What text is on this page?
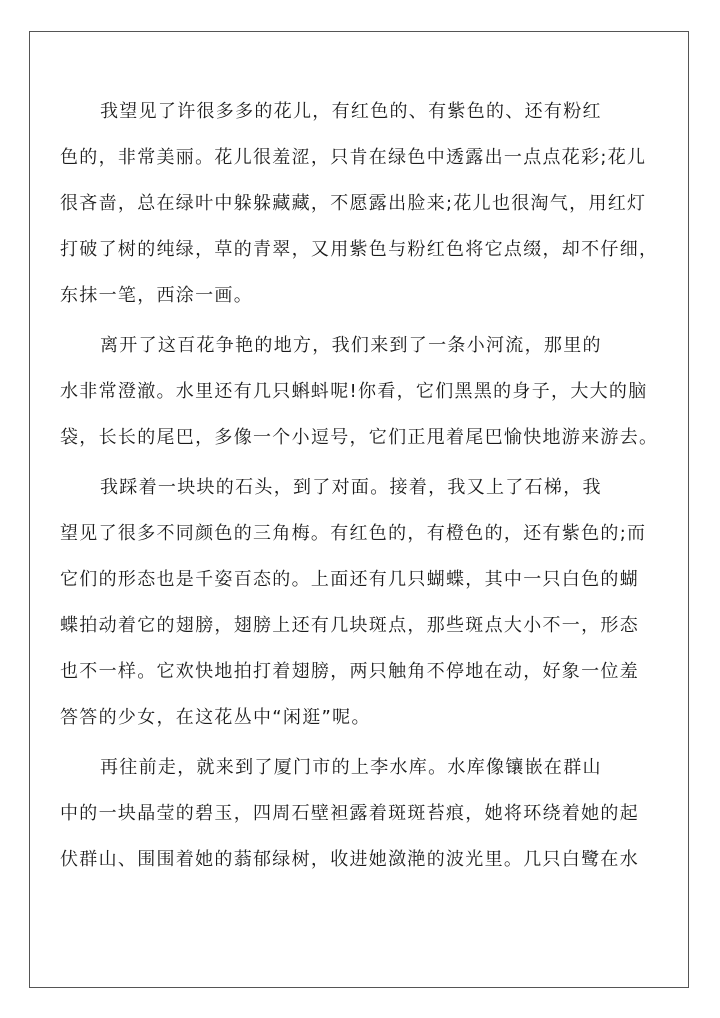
我望见了许很多多的花儿，有红色的、有紫色的、还有粉红
色的，非常美丽。花儿很羞涩，只肯在绿色中透露出一点点花彩;花儿
很吝啬，总在绿叶中躲躲藏藏，不愿露出脸来;花儿也很淘气，用红灯
打破了树的纯绿，草的青翠，又用紫色与粉红色将它点缀，却不仔细，
东抹一笔，西涂一画。
离开了这百花争艳的地方，我们来到了一条小河流，那里的
水非常澄澈。水里还有几只蝌蚪呢!你看，它们黑黑的身子，大大的脑
袋，长长的尾巴，多像一个小逗号，它们正甩着尾巴愉快地游来游去。
我踩着一块块的石头，到了对面。接着，我又上了石梯，我
望见了很多不同颜色的三角梅。有红色的，有橙色的，还有紫色的;而
它们的形态也是千姿百态的。上面还有几只蝴蝶，其中一只白色的蝴
蝶拍动着它的翅膀，翅膀上还有几块斑点，那些斑点大小不一，形态
也不一样。它欢快地拍打着翅膀，两只触角不停地在动，好象一位羞
答答的少女，在这花丛中“闲逛”呢。
再往前走，就来到了厦门市的上李水库。水库像镶嵌在群山
中的一块晶莹的碧玉，四周石壁袒露着斑斑苔痕，她将环绕着她的起
伏群山、围围着她的蓊郁绿树，收进她潋滟的波光里。几只白鹭在水
